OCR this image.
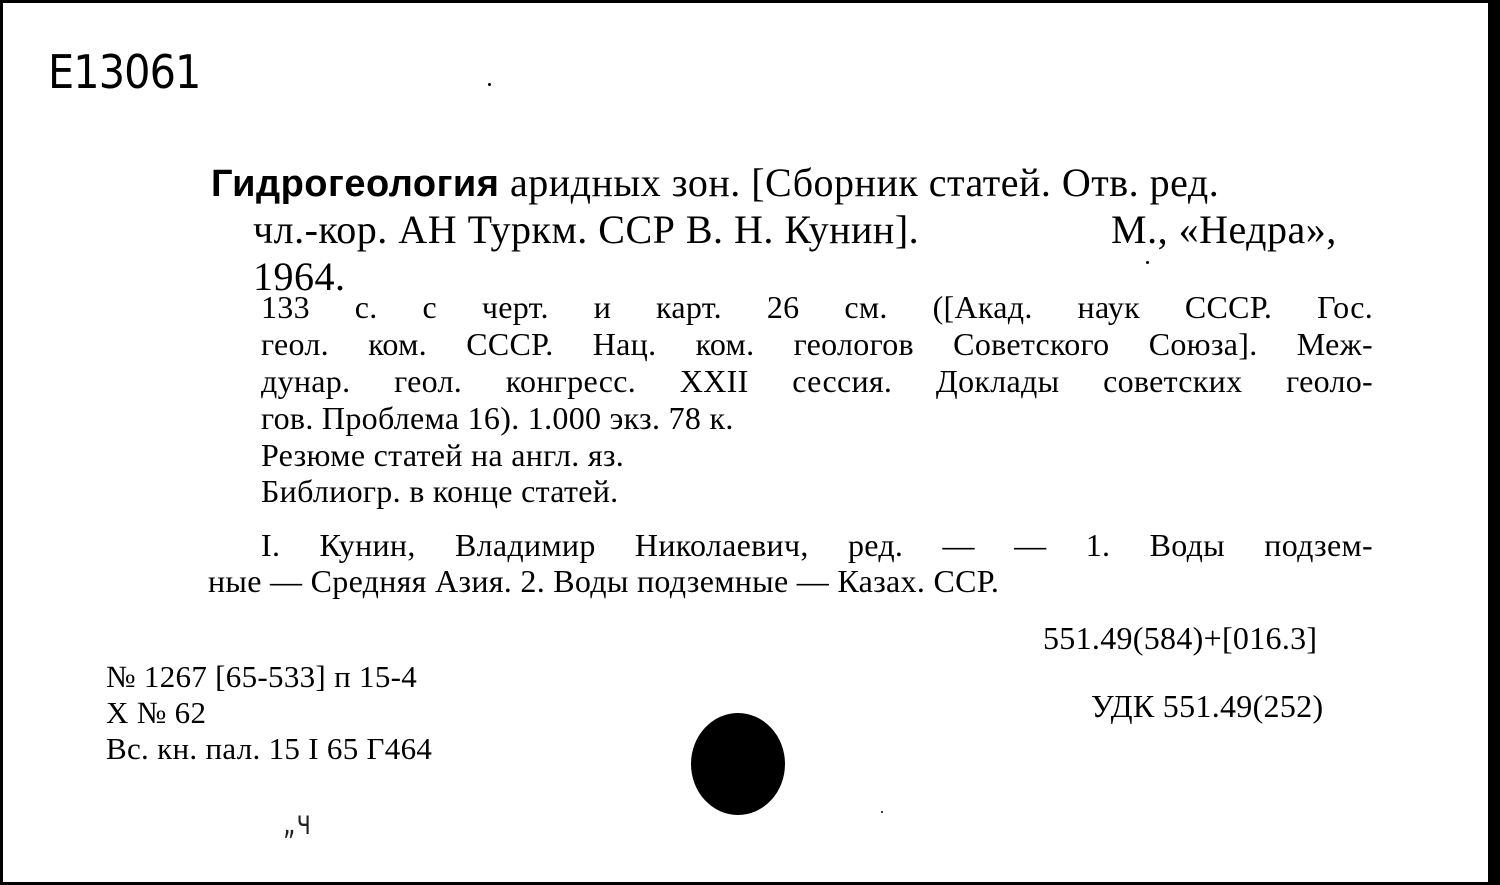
E13061
Гидрогеология аридных зон. [Сборник статей. Отв. ред.
чл.-кор. АН Туркм. ССР В. Н. Кунин].	М., «Недра»,
1964.
133 с. с черт. и карт. 26 см. ([Акад. наук СССР. Гос.
геол. ком. СССР. Нац. ком. геологов Советского Союза]. Меж-
дунар. геол. конгресс. XXII сессия. Доклады советских геоло-
гов. Проблема 16). 1.000 экз. 78 к.
Резюме статей на англ. яз.
Библиогр. в конце статей.
I. Кунин, Владимир Николаевич, ред. — — 1. Воды подзем-
ные — Средняя Азия. 2. Воды подземные — Казах. ССР.
551.49(584)+[016.3]
УДК 551.49(252)
№ 1267 [65-533] п 15-4
Х № 62
Вс. кн. пал. 15 I 65 Г464
„ч
